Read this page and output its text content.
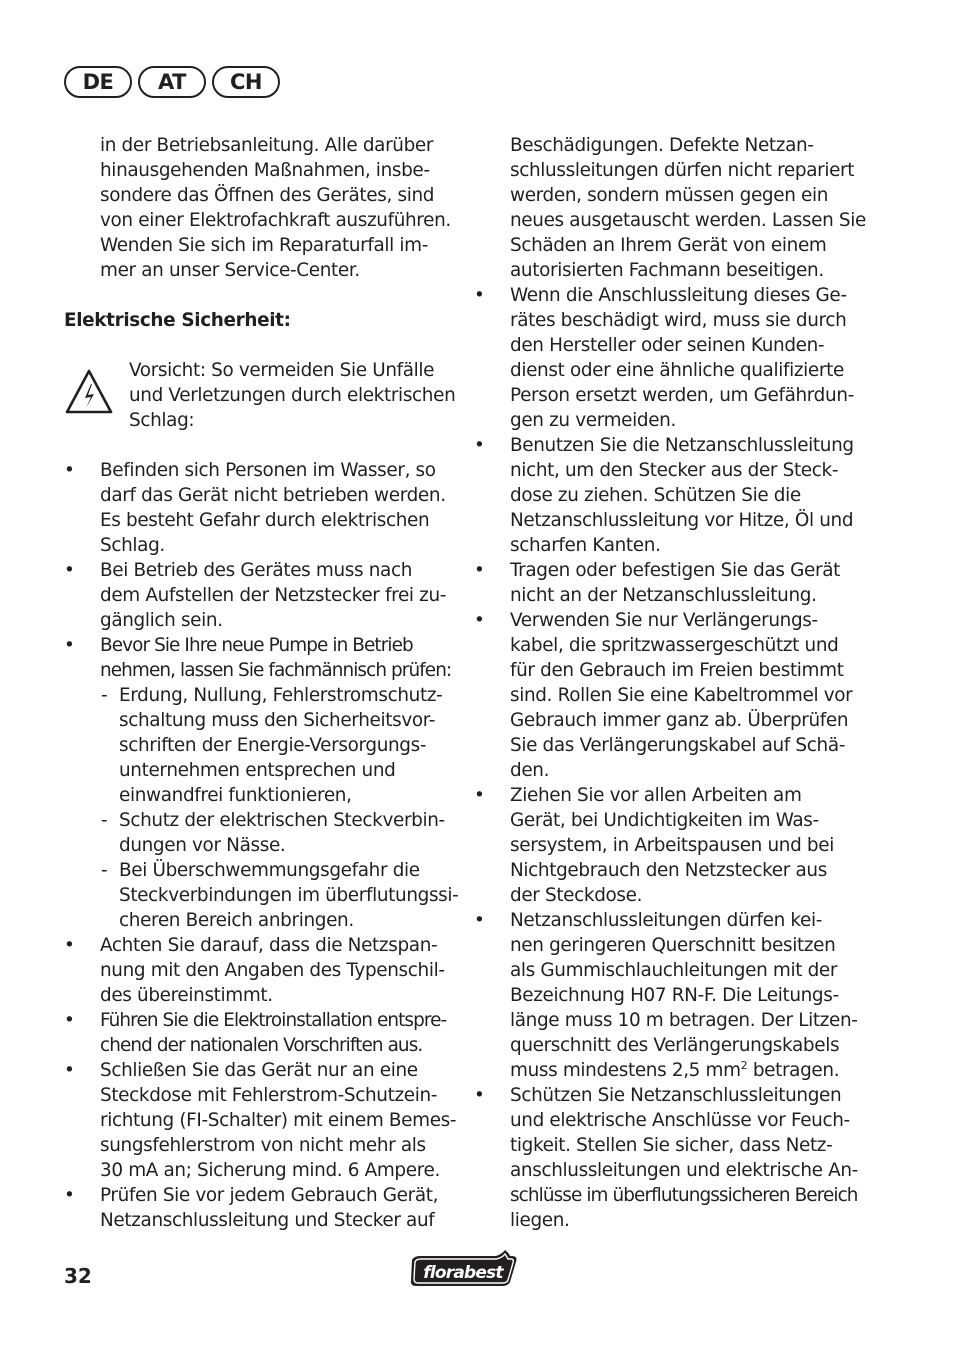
DE	AT	CH

in der Betriebsanleitung. Alle darüber

hinausgehenden Maßnahmen, insbe-

sondere das Öffnen des Gerätes, sind

von einer Elektrofachkraft auszuführen.

Wenden Sie sich im Reparaturfall im-

mer an unser Service-Center.

Elektrische Sicherheit:

Vorsicht: So vermeiden Sie Unfälle

und Verletzungen durch elektrischen

Schlag:

• Befinden sich Personen im Wasser, so

darf das Gerät nicht betrieben werden.

Es besteht Gefahr durch elektrischen

Schlag.

• Bei Betrieb des Gerätes muss nach

dem Aufstellen der Netzstecker frei zu-

gänglich sein.

• Bevor Sie Ihre neue Pumpe in Betrieb

nehmen, lassen Sie fachmännisch prüfen:

- Erdung, Nullung, Fehlerstromschutz-

schaltung muss den Sicherheitsvor-

schriften der Energie-Versorgungs-

unternehmen entsprechen und

einwandfrei funktionieren,

- Schutz der elektrischen Steckverbin-

dungen vor Nässe.

- Bei Überschwemmungsgefahr die

Steckverbindungen im überflutungssi-

cheren Bereich anbringen.

• Achten Sie darauf, dass die Netzspan-

nung mit den Angaben des Typenschil-

des übereinstimmt.

• Führen Sie die Elektroinstallation entspre-

chend der nationalen Vorschriften aus.

• Schließen Sie das Gerät nur an eine

Steckdose mit Fehlerstrom-Schutzein-

richtung (FI-Schalter) mit einem Bemes-

sungsfehlerstrom von nicht mehr als

30 mA an; Sicherung mind. 6 Ampere.

• Prüfen Sie vor jedem Gebrauch Gerät,

Netzanschlussleitung und Stecker auf

Beschädigungen. Defekte Netzan-

schlussleitungen dürfen nicht repariert

werden, sondern müssen gegen ein

neues ausgetauscht werden. Lassen Sie

Schäden an Ihrem Gerät von einem

autorisierten Fachmann beseitigen.

• Wenn die Anschlussleitung dieses Ge-

rätes beschädigt wird, muss sie durch

den Hersteller oder seinen Kunden-

dienst oder eine ähnliche qualifizierte

Person ersetzt werden, um Gefährdun-

gen zu vermeiden.

• Benutzen Sie die Netzanschlussleitung

nicht, um den Stecker aus der Steck-

dose zu ziehen. Schützen Sie die

Netzanschlussleitung vor Hitze, Öl und

scharfen Kanten.

• Tragen oder befestigen Sie das Gerät

nicht an der Netzanschlussleitung.

• Verwenden Sie nur Verlängerungs-

kabel, die spritzwassergeschützt und

für den Gebrauch im Freien bestimmt

sind. Rollen Sie eine Kabeltrommel vor

Gebrauch immer ganz ab. Überprüfen

Sie das Verlängerungskabel auf Schä-

den.

• Ziehen Sie vor allen Arbeiten am

Gerät, bei Undichtigkeiten im Was-

sersystem, in Arbeitspausen und bei

Nichtgebrauch den Netzstecker aus

der Steckdose.

• Netzanschlussleitungen dürfen kei-

nen geringeren Querschnitt besitzen

als Gummischlauchleitungen mit der

Bezeichnung H07 RN-F. Die Leitungs-

länge muss 10 m betragen. Der Litzen-

querschnitt des Verlängerungskabels

muss mindestens 2,5 $mm^2$ betragen.

• Schützen Sie Netzanschlussleitungen

und elektrische Anschlüsse vor Feuch-

tigkeit. Stellen Sie sicher, dass Netz-

anschlussleitungen und elektrische An-

schlüsse im überflutungssicheren Bereich

liegen.

32	florabest
